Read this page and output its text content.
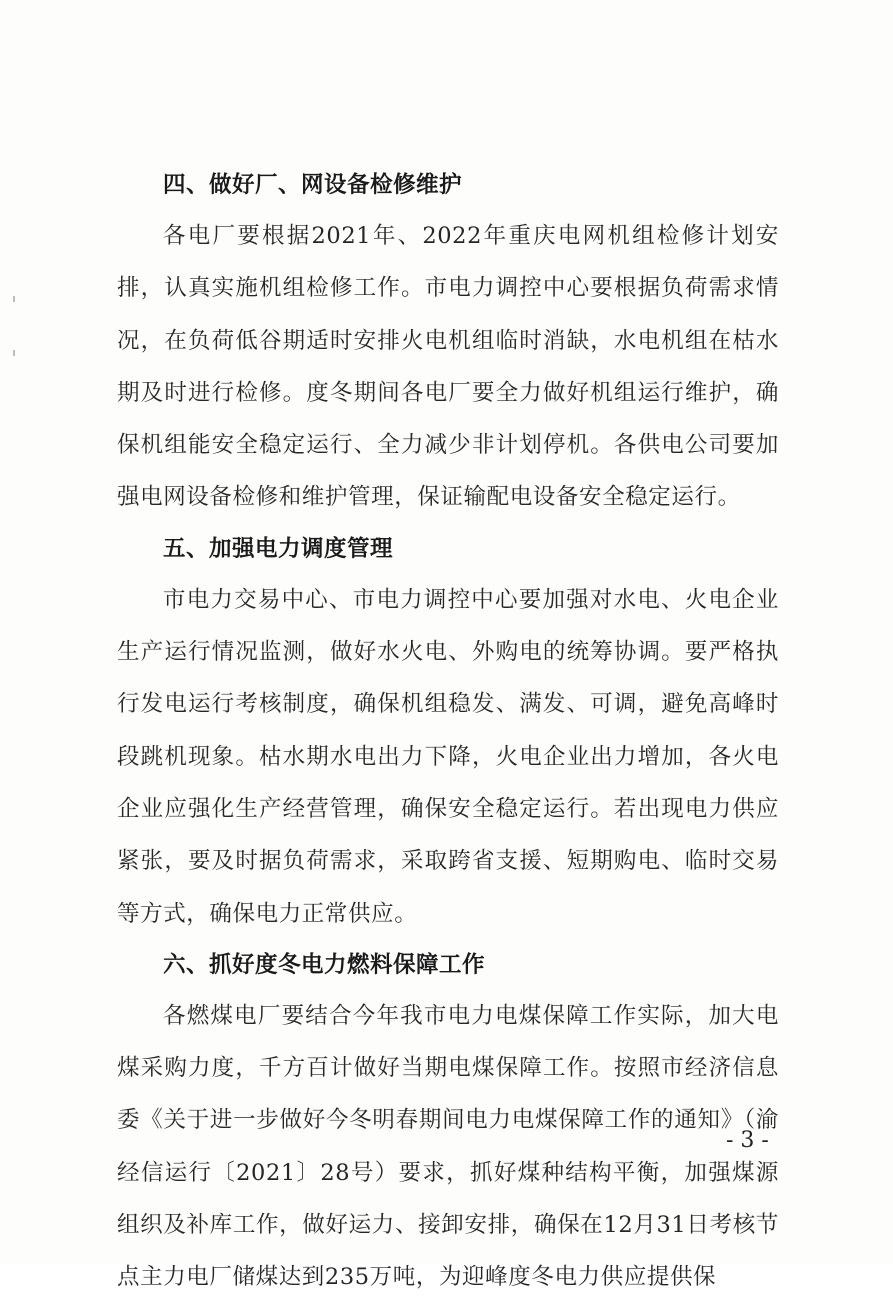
四、做好厂、网设备检修维护

各电厂要根据2021年、2022年重庆电网机组检修计划安排，认真实施机组检修工作。市电力调控中心要根据负荷需求情况，在负荷低谷期适时安排火电机组临时消缺，水电机组在枯水期及时进行检修。度冬期间各电厂要全力做好机组运行维护，确保机组能安全稳定运行、全力减少非计划停机。各供电公司要加强电网设备检修和维护管理，保证输配电设备安全稳定运行。

五、加强电力调度管理

市电力交易中心、市电力调控中心要加强对水电、火电企业生产运行情况监测，做好水火电、外购电的统筹协调。要严格执行发电运行考核制度，确保机组稳发、满发、可调，避免高峰时段跳机现象。枯水期水电出力下降，火电企业出力增加，各火电企业应强化生产经营管理，确保安全稳定运行。若出现电力供应紧张，要及时据负荷需求，采取跨省支援、短期购电、临时交易等方式，确保电力正常供应。

六、抓好度冬电力燃料保障工作

各燃煤电厂要结合今年我市电力电煤保障工作实际，加大电煤采购力度，千方百计做好当期电煤保障工作。按照市经济信息委《关于进一步做好今冬明春期间电力电煤保障工作的通知》（渝经信运行〔2021〕28号）要求，抓好煤种结构平衡，加强煤源组织及补库工作，做好运力、接卸安排，确保在12月31日考核节点主力电厂储煤达到235万吨，为迎峰度冬电力供应提供保

- 3 -
